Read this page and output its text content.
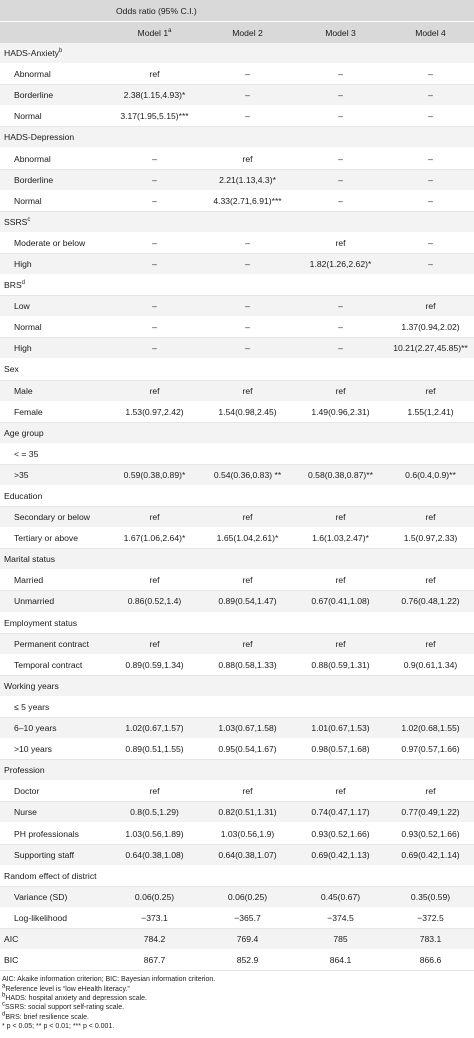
Odds ratio (95% C.I.)				
	Model 1$^a$	Model 2	Model 3	Model 4
HADS-Anxiety$^b$
Abnormal	ref	–	–	–
Borderline	2.38(1.15,4.93)*	–	–	–
Normal	3.17(1.95,5.15)***	–	–	–
HADS-Depression				
Abnormal	–	ref	–	–
Borderline	–	2.21(1.13,4.3)*	–	–
Normal	–	4.33(2.71,6.91)***	–	–
SSRS$^c$
Moderate or below	–	–	ref	–
High	–	–	1.82(1.26,2.62)*	–
BRS$^d$
Low	–	–	–	ref
Normal	–	–	–	1.37(0.94,2.02)
High	–	–	–	10.21(2.27,45.85)**
Sex				
Male	ref	ref	ref	ref
Female	1.53(0.97,2.42)	1.54(0.98,2.45)	1.49(0.96,2.31)	1.55(1,2.41)
Age group				
< = 35				
>35	0.59(0.38,0.89)*	0.54(0.36,0.83) **	0.58(0.38,0.87)**	0.6(0.4,0.9)**
Education				
Secondary or below	ref	ref	ref	ref
Tertiary or above	1.67(1.06,2.64)*	1.65(1.04,2.61)*	1.6(1.03,2.47)*	1.5(0.97,2.33)
Marital status				
Married	ref	ref	ref	ref
Unmarried	0.86(0.52,1.4)	0.89(0.54,1.47)	0.67(0.41,1.08)	0.76(0.48,1.22)
Employment status				
Permanent contract	ref	ref	ref	ref
Temporal contract	0.89(0.59,1.34)	0.88(0.58,1.33)	0.88(0.59,1.31)	0.9(0.61,1.34)
Working years				
≤ 5 years				
6–10 years	1.02(0.67,1.57)	1.03(0.67,1.58)	1.01(0.67,1.53)	1.02(0.68,1.55)
>10 years	0.89(0.51,1.55)	0.95(0.54,1.67)	0.98(0.57,1.68)	0.97(0.57,1.66)
Profession				
Doctor	ref	ref	ref	ref
Nurse	0.8(0.5,1.29)	0.82(0.51,1.31)	0.74(0.47,1.17)	0.77(0.49,1.22)
PH professionals	1.03(0.56,1.89)	1.03(0.56,1.9)	0.93(0.52,1.66)	0.93(0.52,1.66)
Supporting staff	0.64(0.38,1.08)	0.64(0.38,1.07)	0.69(0.42,1.13)	0.69(0.42,1.14)
Random effect of district				
Variance (SD)	0.06(0.25)	0.06(0.25)	0.45(0.67)	0.35(0.59)
Log-likelihood	−373.1	−365.7	−374.5	−372.5
AIC	784.2	769.4	785	783.1
BIC	867.7	852.9	864.1	866.6
AIC: Akaike information criterion; BIC: Bayesian information criterion.
$^a$Reference level is “low eHealth literacy.”
$^b$HADS: hospital anxiety and depression scale.
$^c$SSRS: social support self-rating scale.
$^d$BRS: brief resilience scale.
* p < 0.05; ** p < 0.01; *** p < 0.001.
